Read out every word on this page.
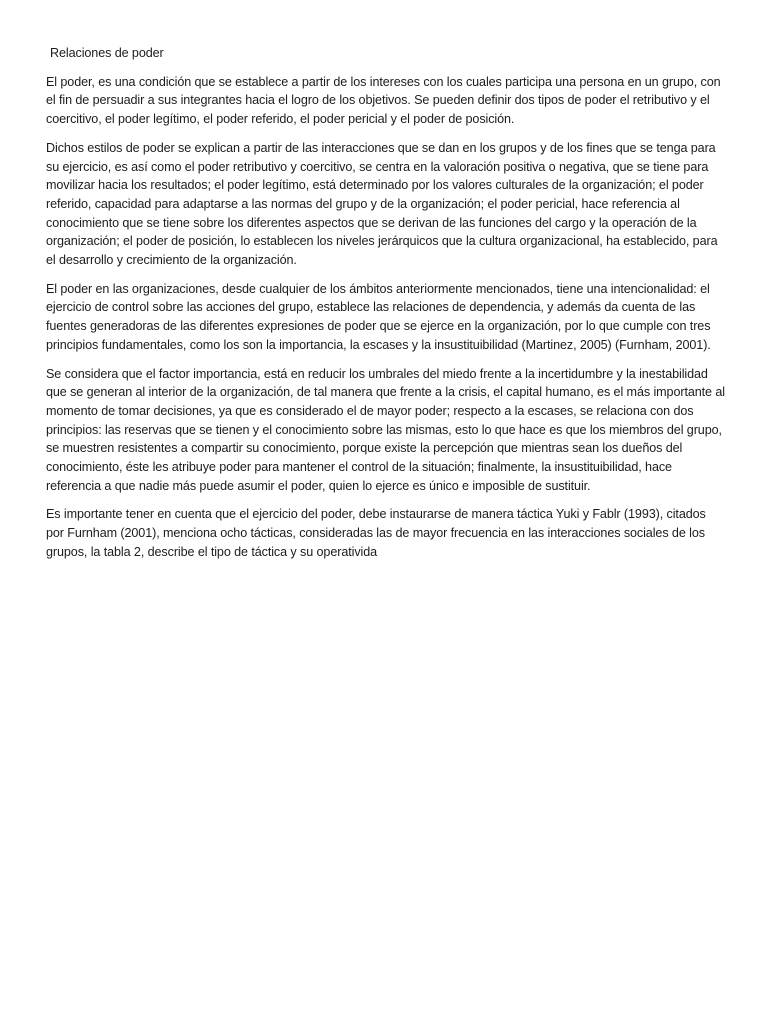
Relaciones de poder

El poder, es una condición que se establece a partir de los intereses con los cuales participa una persona en un grupo, con el fin de persuadir a sus integrantes hacia el logro de los objetivos. Se pueden definir dos tipos de poder el retributivo y el coercitivo, el poder legítimo, el poder referido, el poder pericial y el poder de posición.

Dichos estilos de poder se explican a partir de las interacciones que se dan en los grupos y de los fines que se tenga para su ejercicio, es así como el poder retributivo y coercitivo, se centra en la valoración positiva o negativa, que se tiene para movilizar hacia los resultados; el poder legítimo, está determinado por los valores culturales de la organización; el poder referido, capacidad para adaptarse a las normas del grupo y de la organización; el poder pericial, hace referencia al conocimiento que se tiene sobre los diferentes aspectos que se derivan de las funciones del cargo y la operación de la organización; el poder de posición, lo establecen los niveles jerárquicos que la cultura organizacional, ha establecido, para el desarrollo y crecimiento de la organización.

El poder en las organizaciones, desde cualquier de los ámbitos anteriormente mencionados, tiene una intencionalidad: el ejercicio de control sobre las acciones del grupo, establece las relaciones de dependencia, y además da cuenta de las fuentes generadoras de las diferentes expresiones de poder que se ejerce en la organización, por lo que cumple con tres principios fundamentales, como los son la importancia, la escases y la insustituibilidad (Martinez, 2005) (Furnham, 2001).

Se considera que el factor importancia, está en reducir los umbrales del miedo frente a la incertidumbre y la inestabilidad que se generan al interior de la organización, de tal manera que frente a la crisis, el capital humano, es el más importante al momento de tomar decisiones, ya que es considerado el de mayor poder; respecto a la escases, se relaciona con dos principios: las reservas que se tienen y el conocimiento sobre las mismas, esto lo que hace es que los miembros del grupo, se muestren resistentes a compartir su conocimiento, porque existe la percepción que mientras sean los dueños del conocimiento, éste les atribuye poder para mantener el control de la situación; finalmente, la insustituibilidad, hace referencia a que nadie más puede asumir el poder, quien lo ejerce es único e imposible de sustituir.

Es importante tener en cuenta que el ejercicio del poder, debe instaurarse de manera táctica Yuki y Fablr (1993), citados por Furnham (2001), menciona ocho tácticas, consideradas las de mayor frecuencia en las interacciones sociales de los grupos, la tabla 2, describe el tipo de táctica y su operativida
